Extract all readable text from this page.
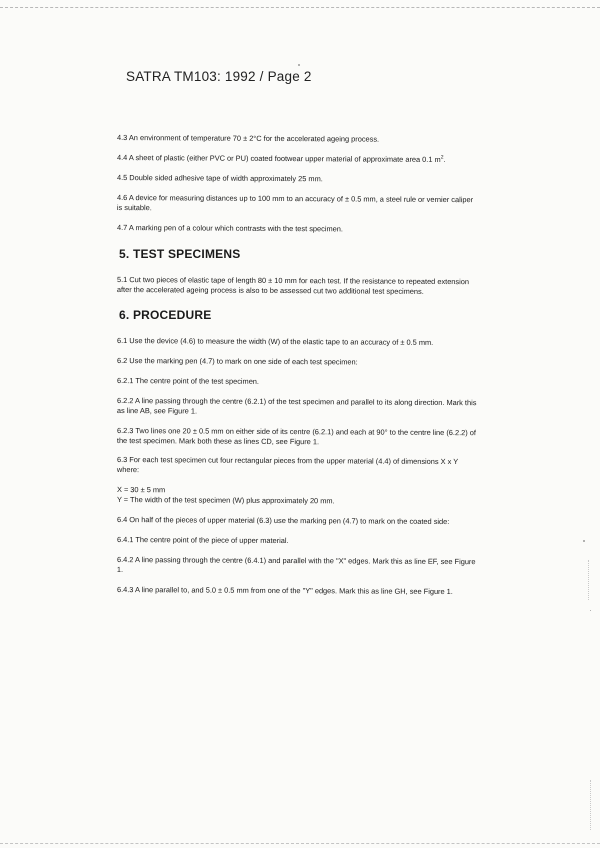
SATRA TM103: 1992 / Page 2

4.3 An environment of temperature 70 ± 2°C for the accelerated ageing process.

4.4 A sheet of plastic (either PVC or PU) coated footwear upper material of approximate area 0.1 $m^2$.

4.5 Double sided adhesive tape of width approximately 25 mm.

4.6 A device for measuring distances up to 100 mm to an accuracy of ± 0.5 mm, a steel rule or vernier caliper is suitable.

4.7 A marking pen of a colour which contrasts with the test specimen.

5. TEST SPECIMENS

5.1 Cut two pieces of elastic tape of length 80 ± 10 mm for each test. If the resistance to repeated extension after the accelerated ageing process is also to be assessed cut two additional test specimens.

6. PROCEDURE

6.1 Use the device (4.6) to measure the width (W) of the elastic tape to an accuracy of ± 0.5 mm.

6.2 Use the marking pen (4.7) to mark on one side of each test specimen:

6.2.1 The centre point of the test specimen.

6.2.2 A line passing through the centre (6.2.1) of the test specimen and parallel to its along direction. Mark this as line AB, see Figure 1.

6.2.3 Two lines one 20 ± 0.5 mm on either side of its centre (6.2.1) and each at 90° to the centre line (6.2.2) of the test specimen. Mark both these as lines CD, see Figure 1.

6.3 For each test specimen cut four rectangular pieces from the upper material (4.4) of dimensions X x Y where:

X = 30 ± 5 mm

Y = The width of the test specimen (W) plus approximately 20 mm.

6.4 On half of the pieces of upper material (6.3) use the marking pen (4.7) to mark on the coated side:

6.4.1 The centre point of the piece of upper material.

6.4.2 A line passing through the centre (6.4.1) and parallel with the "X" edges. Mark this as line EF, see Figure 1.

6.4.3 A line parallel to, and 5.0 ± 0.5 mm from one of the "Y" edges. Mark this as line GH, see Figure 1.
